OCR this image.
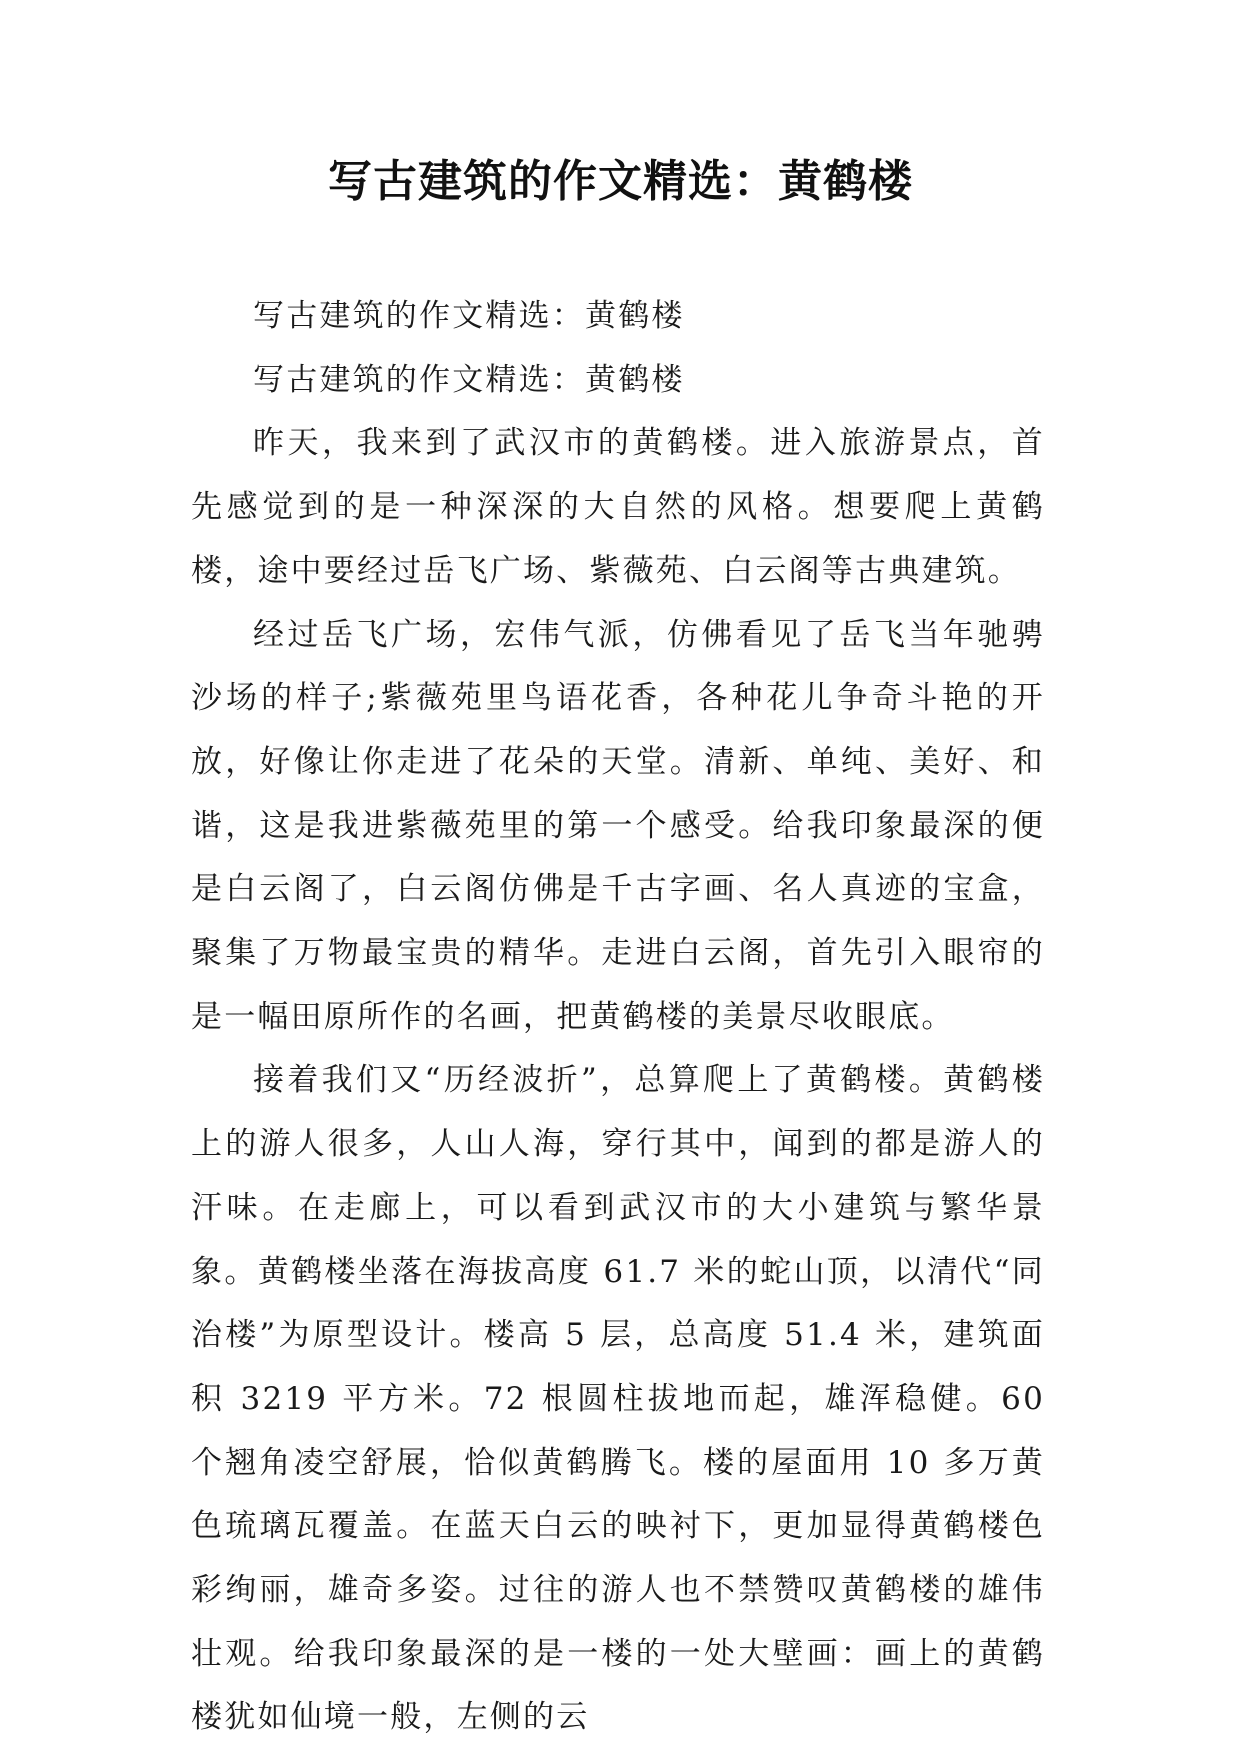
写古建筑的作文精选：黄鹤楼

写古建筑的作文精选：黄鹤楼

写古建筑的作文精选：黄鹤楼

昨天，我来到了武汉市的黄鹤楼。进入旅游景点，首先感觉到的是一种深深的大自然的风格。想要爬上黄鹤楼，途中要经过岳飞广场、紫薇苑、白云阁等古典建筑。

经过岳飞广场，宏伟气派，仿佛看见了岳飞当年驰骋沙场的样子;紫薇苑里鸟语花香，各种花儿争奇斗艳的开放，好像让你走进了花朵的天堂。清新、单纯、美好、和谐，这是我进紫薇苑里的第一个感受。给我印象最深的便是白云阁了，白云阁仿佛是千古字画、名人真迹的宝盒，聚集了万物最宝贵的精华。走进白云阁，首先引入眼帘的是一幅田原所作的名画，把黄鹤楼的美景尽收眼底。

接着我们又“历经波折”，总算爬上了黄鹤楼。黄鹤楼上的游人很多，人山人海，穿行其中，闻到的都是游人的汗味。在走廊上，可以看到武汉市的大小建筑与繁华景象。黄鹤楼坐落在海拔高度 61.7 米的蛇山顶，以清代“同治楼”为原型设计。楼高 5 层，总高度 51.4 米，建筑面积 3219 平方米。72 根圆柱拔地而起，雄浑稳健。60 个翘角凌空舒展，恰似黄鹤腾飞。楼的屋面用 10 多万黄色琉璃瓦覆盖。在蓝天白云的映衬下，更加显得黄鹤楼色彩绚丽，雄奇多姿。过往的游人也不禁赞叹黄鹤楼的雄伟壮观。给我印象最深的是一楼的一处大壁画：画上的黄鹤楼犹如仙境一般，左侧的云
